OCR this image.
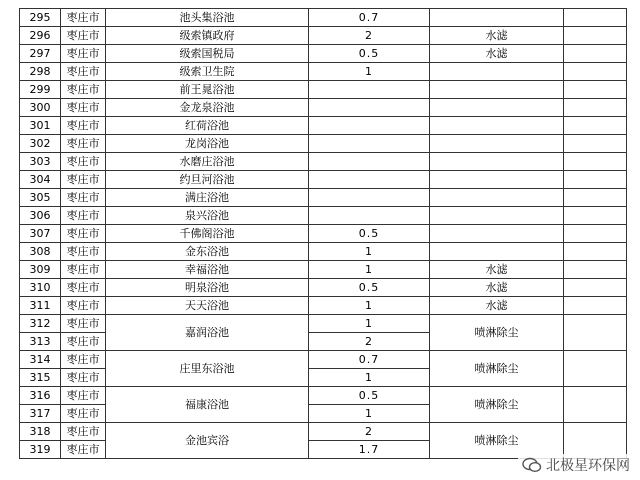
295	枣庄市	池头集浴池	0.7		
296	枣庄市	级索镇政府	2	水滤	
297	枣庄市	级索国税局	0.5	水滤	
298	枣庄市	级索卫生院	1		
299	枣庄市	前王晁浴池			
300	枣庄市	金龙泉浴池			
301	枣庄市	红荷浴池			
302	枣庄市	龙岗浴池			
303	枣庄市	水磨庄浴池			
304	枣庄市	约旦河浴池			
305	枣庄市	满庄浴池			
306	枣庄市	泉兴浴池			
307	枣庄市	千佛阁浴池	0.5		
308	枣庄市	金东浴池	1		
309	枣庄市	幸福浴池	1	水滤	
310	枣庄市	明泉浴池	0.5	水滤	
311	枣庄市	天天浴池	1	水滤	
312	枣庄市	嘉润浴池	1	喷淋除尘	
313	枣庄市		2		
314	枣庄市	庄里东浴池	0.7	喷淋除尘	
315	枣庄市		1		
316	枣庄市	福康浴池	0.5	喷淋除尘	
317	枣庄市		1		
318	枣庄市	金池宾浴	2	喷淋除尘	
319	枣庄市		1.7		
北极星环保网
